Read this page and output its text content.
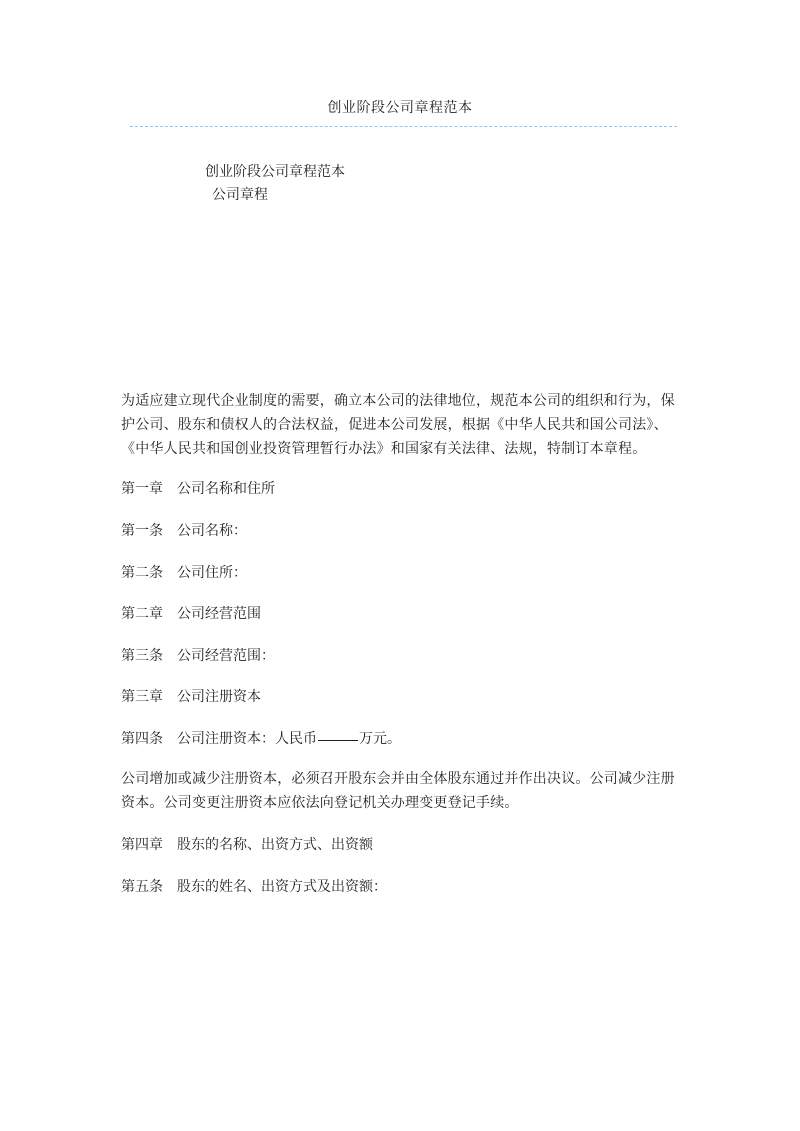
创业阶段公司章程范本
创业阶段公司章程范本
公司章程
为适应建立现代企业制度的需要，确立本公司的法律地位，规范本公司的组织和行为，保护公司、股东和债权人的合法权益，促进本公司发展，根据《中华人民共和国公司法》、《中华人民共和国创业投资管理暂行办法》和国家有关法律、法规，特制订本章程。
第一章 公司名称和住所
第一条 公司名称：
第二条 公司住所：
第二章 公司经营范围
第三条 公司经营范围：
第三章 公司注册资本
第四条 公司注册资本：人民币	万元。
公司增加或减少注册资本，必须召开股东会并由全体股东通过并作出决议。公司减少注册资本。公司变更注册资本应依法向登记机关办理变更登记手续。
第四章 股东的名称、出资方式、出资额
第五条 股东的姓名、出资方式及出资额：
